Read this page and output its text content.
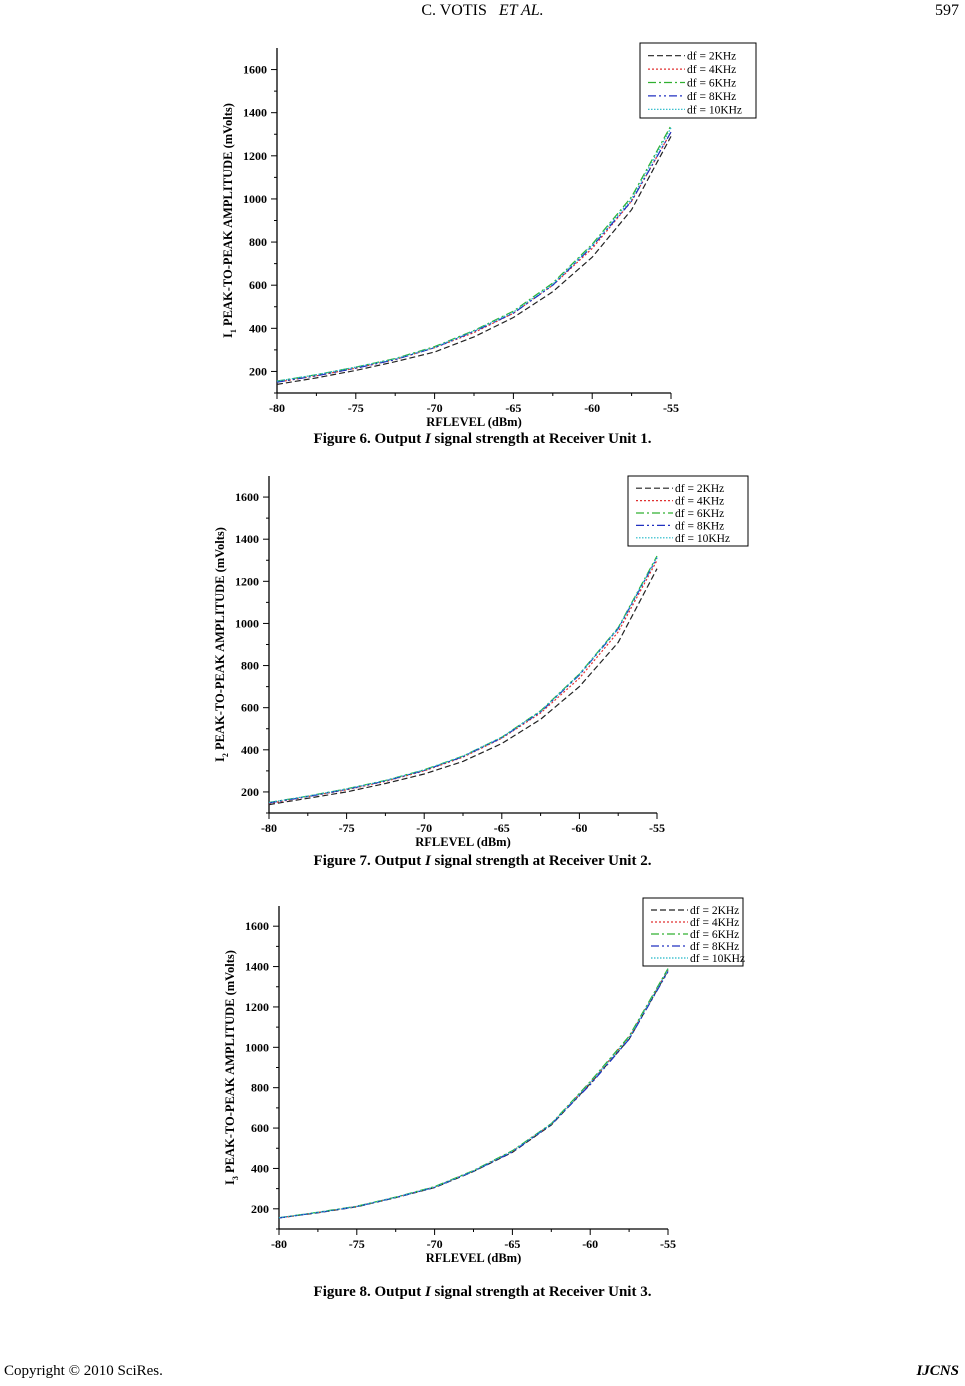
C. VOTIS ET AL.	597
-80	-75	-70	-65	-60	-55
200
400
600
800
1000
1200
1400
1600
RFLEVEL (dBm)
$I_1$ PEAK-TO-PEAK AMPLITUDE (mVolts)
df = 2KHz
df = 4KHz
df = 6KHz
df = 8KHz
df = 10KHz
Figure 6. Output I signal strength at Receiver Unit 1.
-80	-75	-70	-65	-60	-55
200
400
600
800
1000
1200
1400
1600
RFLEVEL (dBm)
$I_2$ PEAK-TO-PEAK AMPLITUDE (mVolts)
df = 2KHz
df = 4KHz
df = 6KHz
df = 8KHz
df = 10KHz
Figure 7. Output I signal strength at Receiver Unit 2.
-80	-75	-70	-65	-60	-55
200
400
600
800
1000
1200
1400
1600
RFLEVEL (dBm)
$I_3$ PEAK-TO-PEAK AMPLITUDE (mVolts)
df = 2KHz
df = 4KHz
df = 6KHz
df = 8KHz
df = 10KHz
Figure 8. Output I signal strength at Receiver Unit 3.
Copyright © 2010 SciRes.	IJCNS
